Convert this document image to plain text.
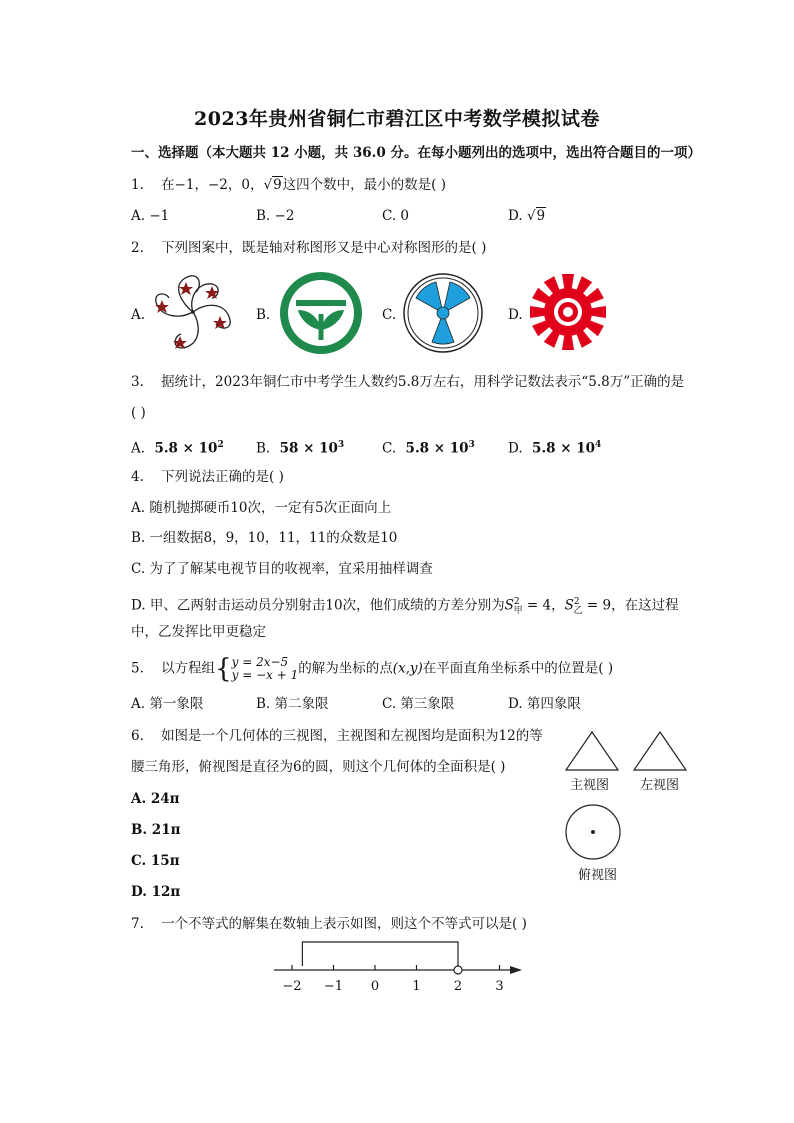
2023年贵州省铜仁市碧江区中考数学模拟试卷
一、选择题（本大题共 12 小题，共 36.0 分。在每小题列出的选项中，选出符合题目的一项）
1. 在−1，−2，0，√9这四个数中，最小的数是( )
A. −1	B. −2	C. 0	D. √9
2. 下列图案中，既是轴对称图形又是中心对称图形的是( )
A.	B.	C.	D.
3. 据统计，2023年铜仁市中考学生人数约5.8万左右，用科学记数法表示“5.8万”正确的是
( )
A. $5.8 \times 10^2$ B. $58 \times 10^3$	C. $5.8 \times 10^3$ D. $5.8 \times 10^4$
4. 下列说法正确的是( )
A. 随机抛掷硬币10次，一定有5次正面向上
B. 一组数据8，9，10，11，11的众数是10
C. 为了了解某电视节目的收视率，宜采用抽样调查
D. 甲、乙两射击运动员分别射击10次，他们成绩的方差分别为$S^2_甲 = 4$，$S^2_乙 = 9$，在这过程
中，乙发挥比甲更稳定
5. 以方程组{y = 2x−5
y = −x + 1的解为坐标的点(x,y)在平面直角坐标系中的位置是( )
A. 第一象限	B. 第二象限	C. 第三象限	D. 第四象限
6. 如图是一个几何体的三视图，主视图和左视图均是面积为12的等
腰三角形，俯视图是直径为6的圆，则这个几何体的全面积是( )
A. 24π
B. 21π
C. 15π
D. 12π
主视图 左视图
俯视图
7. 一个不等式的解集在数轴上表示如图，则这个不等式可以是( )
−2 −1 0	1	2	3
